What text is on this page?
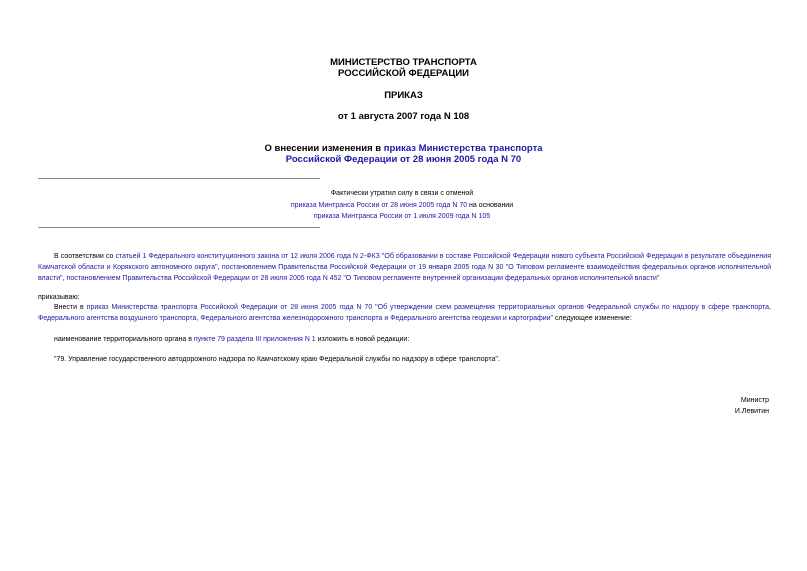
МИНИСТЕРСТВО ТРАНСПОРТА
РОССИЙСКОЙ ФЕДЕРАЦИИ
ПРИКАЗ
от 1 августа 2007 года N 108
О внесении изменения в приказ Министерства транспорта
Российской Федерации от 28 июня 2005 года N 70
Фактически утратил силу в связи с отменой
приказа Минтранса России от 28 июня 2005 года N 70 на основании
приказа Минтранса России от 1 июля 2009 года N 105
В соответствии со статьей 1 Федерального конституционного закона от 12 июля 2006 года N 2-ФКЗ "Об образовании в составе Российской Федерации нового субъекта Российской Федерации в результате объединения Камчатской области и Корякского автономного округа", постановлением Правительства Российской Федерации от 19 января 2005 года N 30 "О Типовом регламенте взаимодействия федеральных органов исполнительной власти", постановлением Правительства Российской Федерации от 28 июля 2005 года N 452 "О Типовом регламенте внутренней организации федеральных органов исполнительной власти"
приказываю:
Внести в приказ Министерства транспорта Российской Федерации от 28 июня 2005 года N 70 "Об утверждении схем размещения территориальных органов Федеральной службы по надзору в сфере транспорта, Федерального агентства воздушного транспорта, Федерального агентства железнодорожного транспорта и Федерального агентства геодезии и картографии" следующее изменение:
наименование территориального органа в пункте 79 раздела III приложения N 1 изложить в новой редакции:
"79. Управление государственного автодорожного надзора по Камчатскому краю Федеральной службы по надзору в сфере транспорта".
Министр
И.Левитин
